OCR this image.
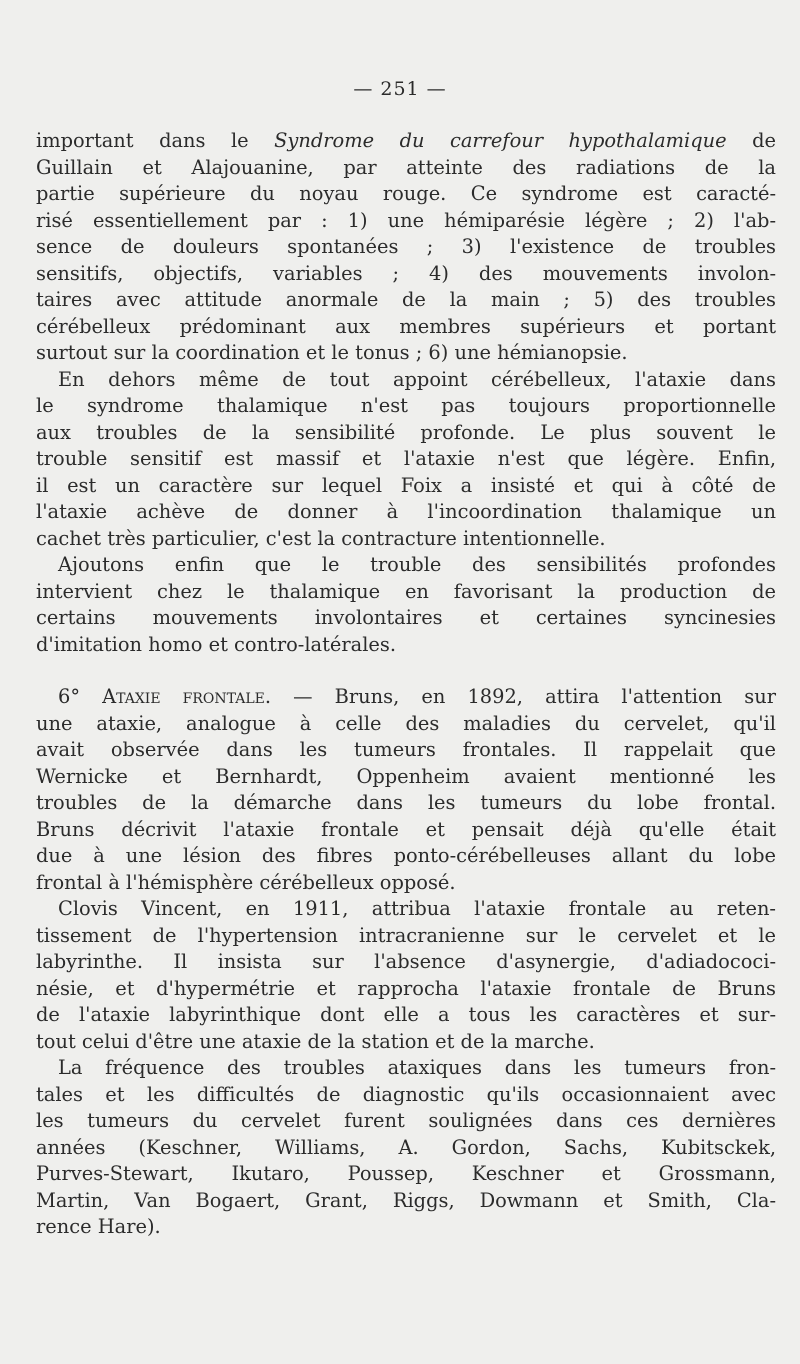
— 251 —
important dans le Syndrome du carrefour hypothalamique de
Guillain et Alajouanine, par atteinte des radiations de la
partie supérieure du noyau rouge. Ce syndrome est caracté-
risé essentiellement par : 1) une hémiparésie légère ; 2) l'ab-
sence de douleurs spontanées ; 3) l'existence de troubles
sensitifs, objectifs, variables ; 4) des mouvements involon-
taires avec attitude anormale de la main ; 5) des troubles
cérébelleux prédominant aux membres supérieurs et portant
surtout sur la coordination et le tonus ; 6) une hémianopsie.
En dehors même de tout appoint cérébelleux, l'ataxie dans
le syndrome thalamique n'est pas toujours proportionnelle
aux troubles de la sensibilité profonde. Le plus souvent le
trouble sensitif est massif et l'ataxie n'est que légère. Enfin,
il est un caractère sur lequel Foix a insisté et qui à côté de
l'ataxie achève de donner à l'incoordination thalamique un
cachet très particulier, c'est la contracture intentionnelle.
Ajoutons enfin que le trouble des sensibilités profondes
intervient chez le thalamique en favorisant la production de
certains mouvements involontaires et certaines syncinesies
d'imitation homo et contro-latérales.
6° Ataxie frontale. — Bruns, en 1892, attira l'attention sur
une ataxie, analogue à celle des maladies du cervelet, qu'il
avait observée dans les tumeurs frontales. Il rappelait que
Wernicke et Bernhardt, Oppenheim avaient mentionné les
troubles de la démarche dans les tumeurs du lobe frontal.
Bruns décrivit l'ataxie frontale et pensait déjà qu'elle était
due à une lésion des fibres ponto-cérébelleuses allant du lobe
frontal à l'hémisphère cérébelleux opposé.
Clovis Vincent, en 1911, attribua l'ataxie frontale au reten-
tissement de l'hypertension intracranienne sur le cervelet et le
labyrinthe. Il insista sur l'absence d'asynergie, d'adiadococi-
nésie, et d'hypermétrie et rapprocha l'ataxie frontale de Bruns
de l'ataxie labyrinthique dont elle a tous les caractères et sur-
tout celui d'être une ataxie de la station et de la marche.
La fréquence des troubles ataxiques dans les tumeurs fron-
tales et les difficultés de diagnostic qu'ils occasionnaient avec
les tumeurs du cervelet furent soulignées dans ces dernières
années (Keschner, Williams, A. Gordon, Sachs, Kubitsckek,
Purves-Stewart, Ikutaro, Poussep, Keschner et Grossmann,
Martin, Van Bogaert, Grant, Riggs, Dowmann et Smith, Cla-
rence Hare).
